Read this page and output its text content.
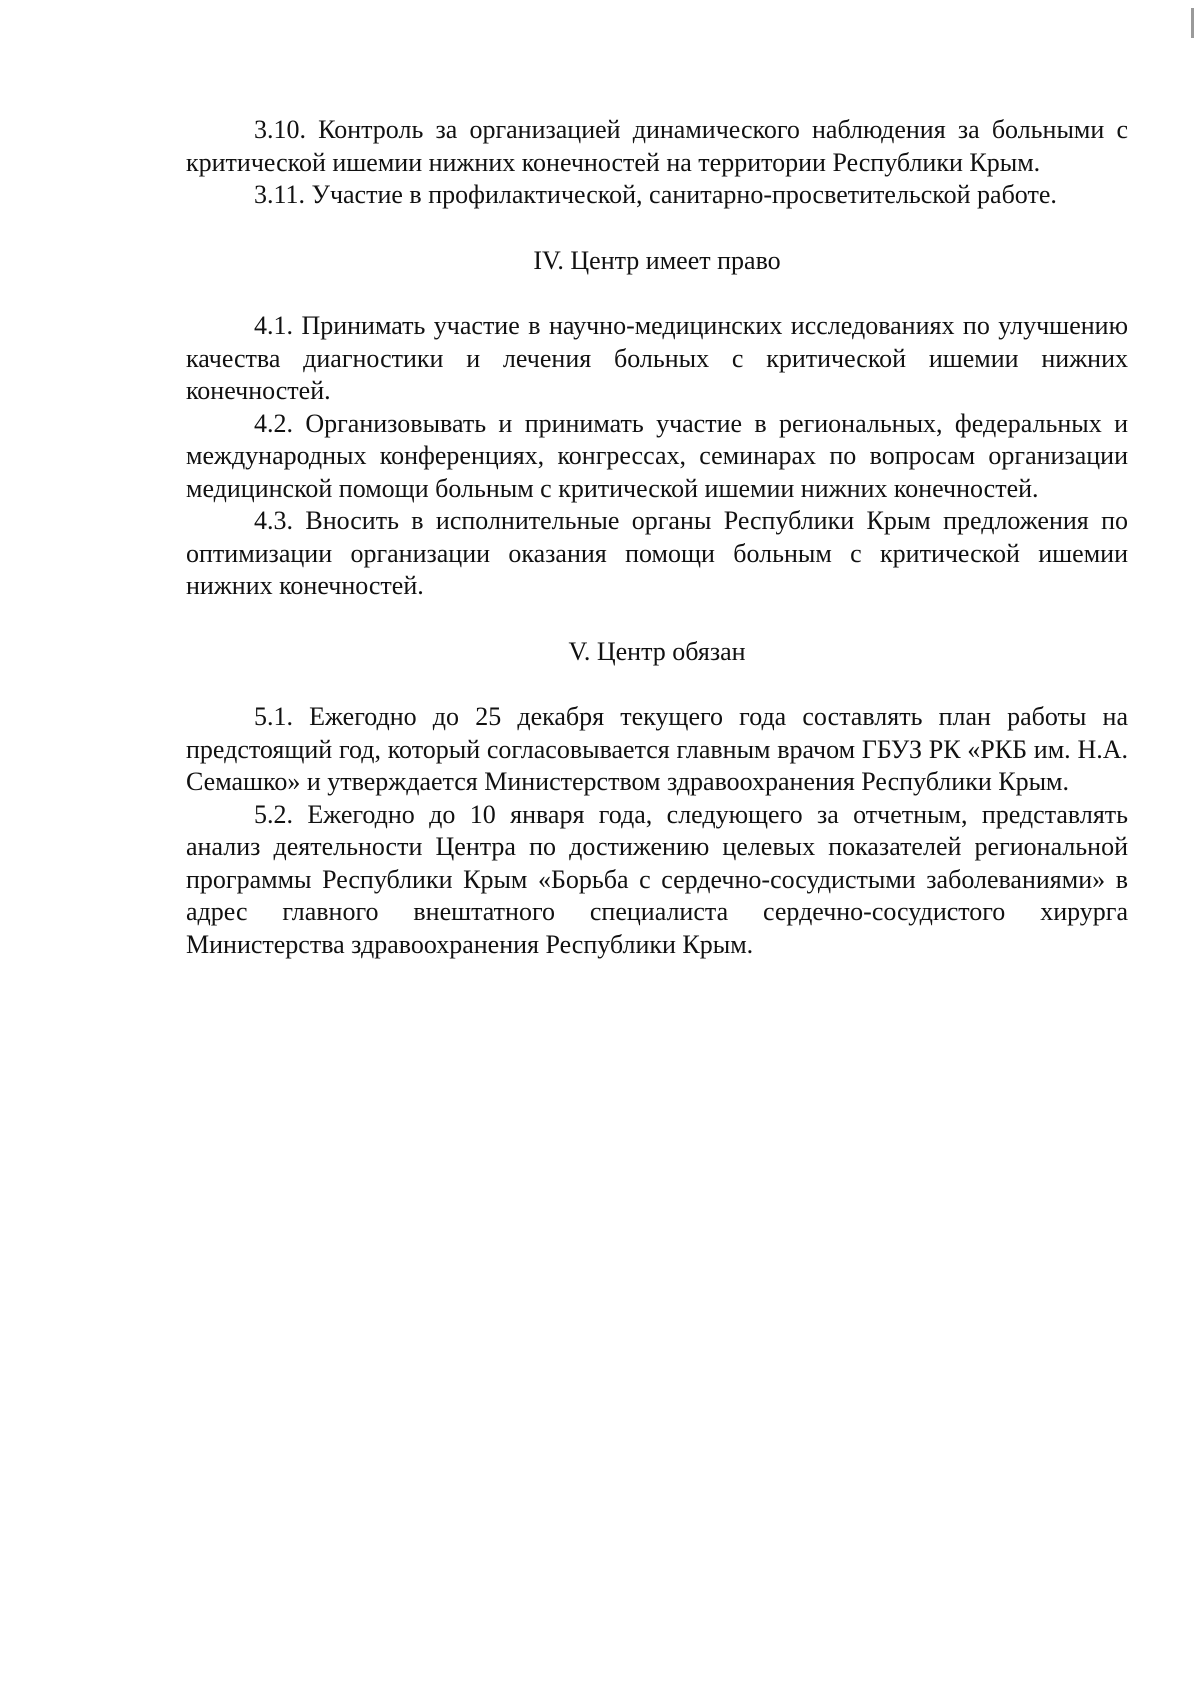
3.10. Контроль за организацией динамического наблюдения за больными с критической ишемии нижних конечностей на территории Республики Крым.

3.11. Участие в профилактической, санитарно-просветительской работе.

IV. Центр имеет право

4.1. Принимать участие в научно-медицинских исследованиях по улучшению качества диагностики и лечения больных с критической ишемии нижних конечностей.

4.2. Организовывать и принимать участие в региональных, федеральных и международных конференциях, конгрессах, семинарах по вопросам организации медицинской помощи больным с критической ишемии нижних конечностей.

4.3. Вносить в исполнительные органы Республики Крым предложения по оптимизации организации оказания помощи больным с критической ишемии нижних конечностей.

V. Центр обязан

5.1. Ежегодно до 25 декабря текущего года составлять план работы на предстоящий год, который согласовывается главным врачом ГБУЗ РК «РКБ им. Н.А. Семашко» и утверждается Министерством здравоохранения Республики Крым.

5.2. Ежегодно до 10 января года, следующего за отчетным, представлять анализ деятельности Центра по достижению целевых показателей региональной программы Республики Крым «Борьба с сердечно-сосудистыми заболеваниями» в адрес главного внештатного специалиста сердечно-сосудистого хирурга Министерства здравоохранения Республики Крым.
